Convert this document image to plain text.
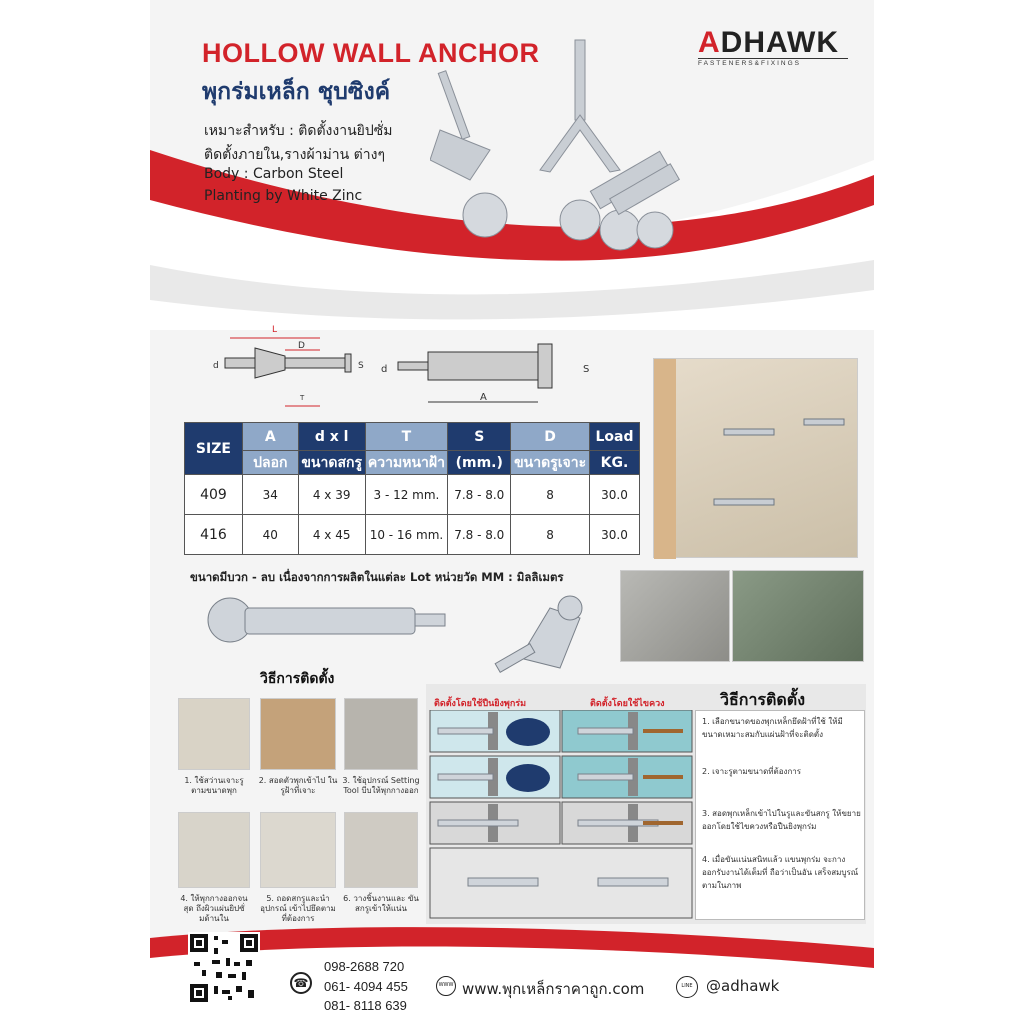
HOLLOW WALL ANCHOR
พุกร่มเหล็ก ชุบซิงค์
เหมาะสำหรับ : ติดตั้งงานยิปซั่ม
ติดตั้งภายใน,รางผ้าม่าน ต่างๆ
Body : Carbon Steel
Planting by White Zinc
ADHAWK
FASTENERS&FIXINGS
L
D
d	S
T
d	S
A
SIZE	A	d x l	T	S	D	Load
	ปลอก	ขนาดสกรู	ความหนาฝ้า	(mm.)	ขนาดรูเจาะ	KG.
409	34	4 x 39	3 - 12 mm.	7.8 - 8.0	8	30.0
416	40	4 x 45	10 - 16 mm.	7.8 - 8.0	8	30.0
ขนาดมีบวก - ลบ เนื่องจากการผลิตในแต่ละ Lot หน่วยวัด MM : มิลลิเมตร
วิธีการติดตั้ง
1. ใช้สว่านเจาะรู ตามขนาดพุก
2. สอดตัวพุกเข้าไป ในรูฝ้าที่เจาะ
3. ใช้อุปกรณ์ Setting Tool บีบให้พุกกางออก
4. ให้พุกกางออกจนสุด ถึงผิวแผ่นยิปซั่มด้านใน
5. ถอดสกรูและนำอุปกรณ์ เข้าไปยึดตามที่ต้องการ
6. วางชิ้นงานและ ขันสกรูเข้าให้แน่น
ติดตั้งโดยใช้ปืนยิงพุกร่ม	ติดตั้งโดยใช้ไขควง	วิธีการติดตั้ง
1. เลือกขนาดของพุกเหล็กยึดฝ้าที่ใช้ ให้มีขนาดเหมาะสมกับแผ่นฝ้าที่จะติดตั้ง
2. เจาะรูตามขนาดที่ต้องการ
3. สอดพุกเหล็กเข้าไปในรูและขันสกรู ให้ขยายออกโดยใช้ไขควงหรือปืนยิงพุกร่ม
4. เมื่อขันแน่นสนิทแล้ว แขนพุกร่ม จะกางออกรับงานได้เต็มที่ ถือว่าเป็นอัน เสร็จสมบูรณ์ ตามในภาพ
☎
098-2688 720
061- 4094 455
081- 8118 639
WWW www.พุกเหล็กราคาถูก.com	LINE @adhawk
